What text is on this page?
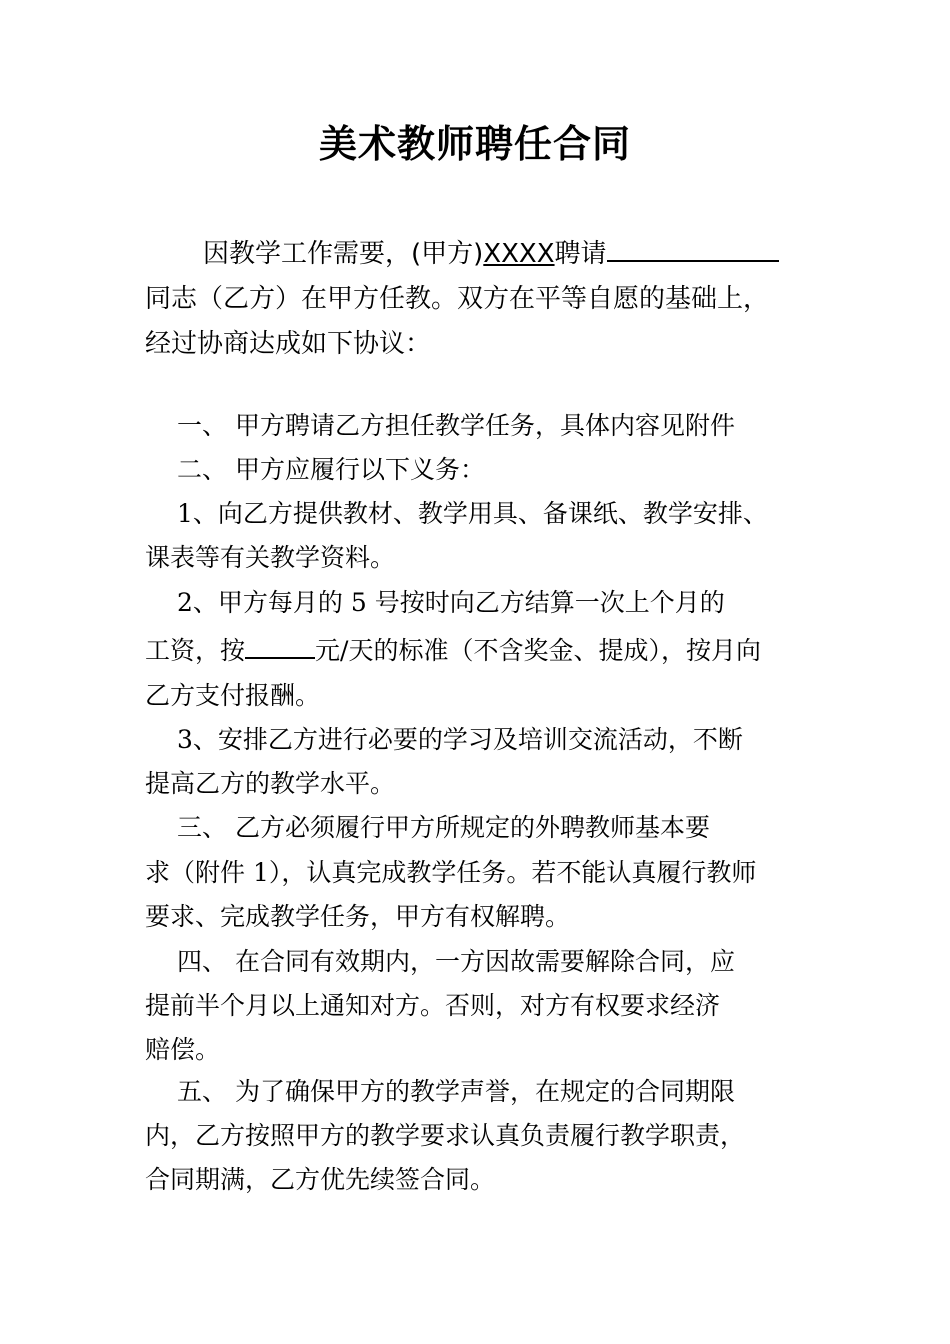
美术教师聘任合同
因教学工作需要，(甲方)XXXX聘请
同志（乙方）在甲方任教。双方在平等自愿的基础上，
经过协商达成如下协议：
一、 甲方聘请乙方担任教学任务，具体内容见附件
二、 甲方应履行以下义务：
1、向乙方提供教材、教学用具、备课纸、教学安排、
课表等有关教学资料。
2、甲方每月的 5 号按时向乙方结算一次上个月的
工资，按	元/天的标准（不含奖金、提成），按月向
乙方支付报酬。
3、安排乙方进行必要的学习及培训交流活动，不断
提高乙方的教学水平。
三、 乙方必须履行甲方所规定的外聘教师基本要
求（附件 1），认真完成教学任务。若不能认真履行教师
要求、完成教学任务，甲方有权解聘。
四、 在合同有效期内，一方因故需要解除合同，应
提前半个月以上通知对方。否则，对方有权要求经济
赔偿。
五、 为了确保甲方的教学声誉，在规定的合同期限
内，乙方按照甲方的教学要求认真负责履行教学职责，
合同期满，乙方优先续签合同。
